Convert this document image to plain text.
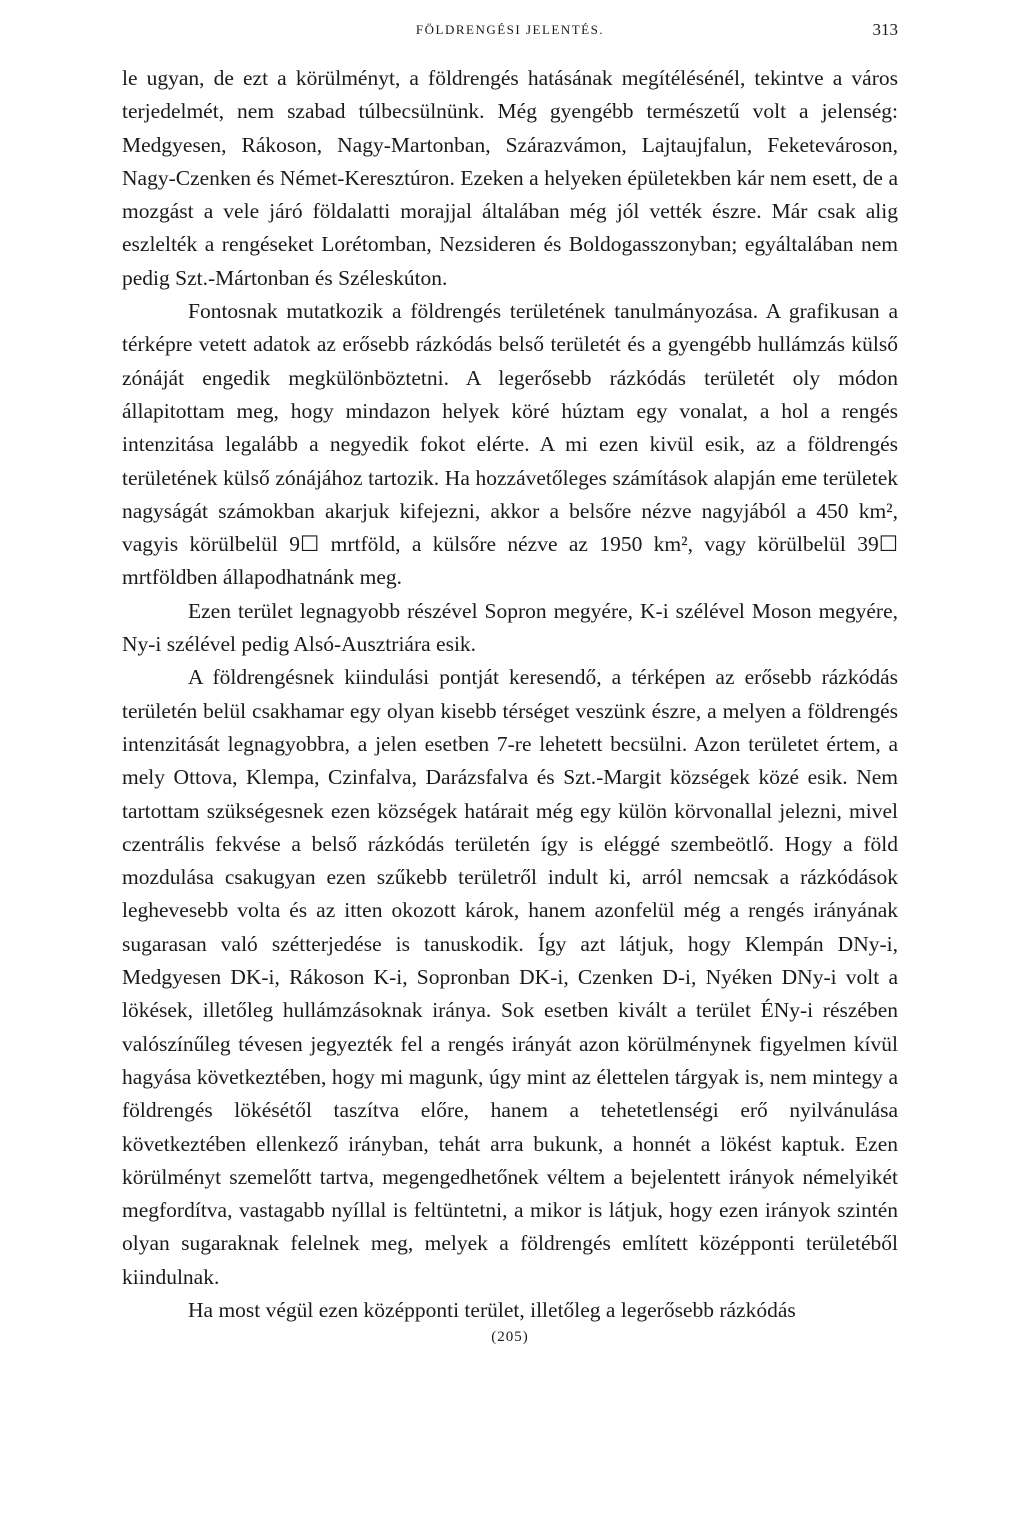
FÖLDRENGÉSI JELENTÉS.	313

le ugyan, de ezt a körülményt, a földrengés hatásának megítélésénél, tekintve a város terjedelmét, nem szabad túlbecsülnünk. Még gyengébb természetű volt a jelenség: Medgyesen, Rákoson, Nagy-Martonban, Szárazvámon, Lajtaujfalun, Feketevároson, Nagy-Czenken és Német-Keresztúron. Ezeken a helyeken épületekben kár nem esett, de a mozgást a vele járó földalatti morajjal általában még jól vették észre. Már csak alig eszlelték a rengéseket Lorétomban, Nezsideren és Boldogasszonyban; egyáltalában nem pedig Szt.-Mártonban és Széleskúton.

Fontosnak mutatkozik a földrengés területének tanulmányozása. A grafikusan a térképre vetett adatok az erősebb rázkódás belső területét és a gyengébb hullámzás külső zónáját engedik megkülönböztetni. A legerősebb rázkódás területét oly módon állapitottam meg, hogy mindazon helyek köré húztam egy vonalat, a hol a rengés intenzitása legalább a negyedik fokot elérte. A mi ezen kivül esik, az a földrengés területének külső zónájához tartozik. Ha hozzávetőleges számítások alapján eme területek nagyságát számokban akarjuk kifejezni, akkor a belsőre nézve nagyjából a 450 km², vagyis körülbelül 9☐ mrtföld, a külsőre nézve az 1950 km², vagy körülbelül 39☐ mrtföldben állapodhatnánk meg.

Ezen terület legnagyobb részével Sopron megyére, K-i szélével Moson megyére, Ny-i szélével pedig Alsó-Ausztriára esik.

A földrengésnek kiindulási pontját keresendő, a térképen az erősebb rázkódás területén belül csakhamar egy olyan kisebb térséget veszünk észre, a melyen a földrengés intenzitását legnagyobbra, a jelen esetben 7-re lehetett becsülni. Azon területet értem, a mely Ottova, Klempa, Czinfalva, Darázsfalva és Szt.-Margit községek közé esik. Nem tartottam szükségesnek ezen községek határait még egy külön körvonallal jelezni, mivel czentrális fekvése a belső rázkódás területén így is eléggé szembeötlő. Hogy a föld mozdulása csakugyan ezen szűkebb területről indult ki, arról nemcsak a rázkódások leghevesebb volta és az itten okozott károk, hanem azonfelül még a rengés irányának sugarasan való szétterjedése is tanuskodik. Így azt látjuk, hogy Klempán DNy-i, Medgyesen DK-i, Rákoson K-i, Sopronban DK-i, Czenken D-i, Nyéken DNy-i volt a lökések, illetőleg hullámzásoknak iránya. Sok esetben kivált a terület ÉNy-i részében valószínűleg tévesen jegyezték fel a rengés irányát azon körülménynek figyelmen kívül hagyása következtében, hogy mi magunk, úgy mint az élettelen tárgyak is, nem mintegy a földrengés lökésétől taszítva előre, hanem a tehetetlenségi erő nyilvánulása következtében ellenkező irányban, tehát arra bukunk, a honnét a lökést kaptuk. Ezen körülményt szemelőtt tartva, megengedhetőnek véltem a bejelentett irányok némelyikét megfordítva, vastagabb nyíllal is feltüntetni, a mikor is látjuk, hogy ezen irányok szintén olyan sugaraknak felelnek meg, melyek a földrengés említett középponti területéből kiindulnak.

Ha most végül ezen középponti terület, illetőleg a legerősebb rázkódás

(205)
